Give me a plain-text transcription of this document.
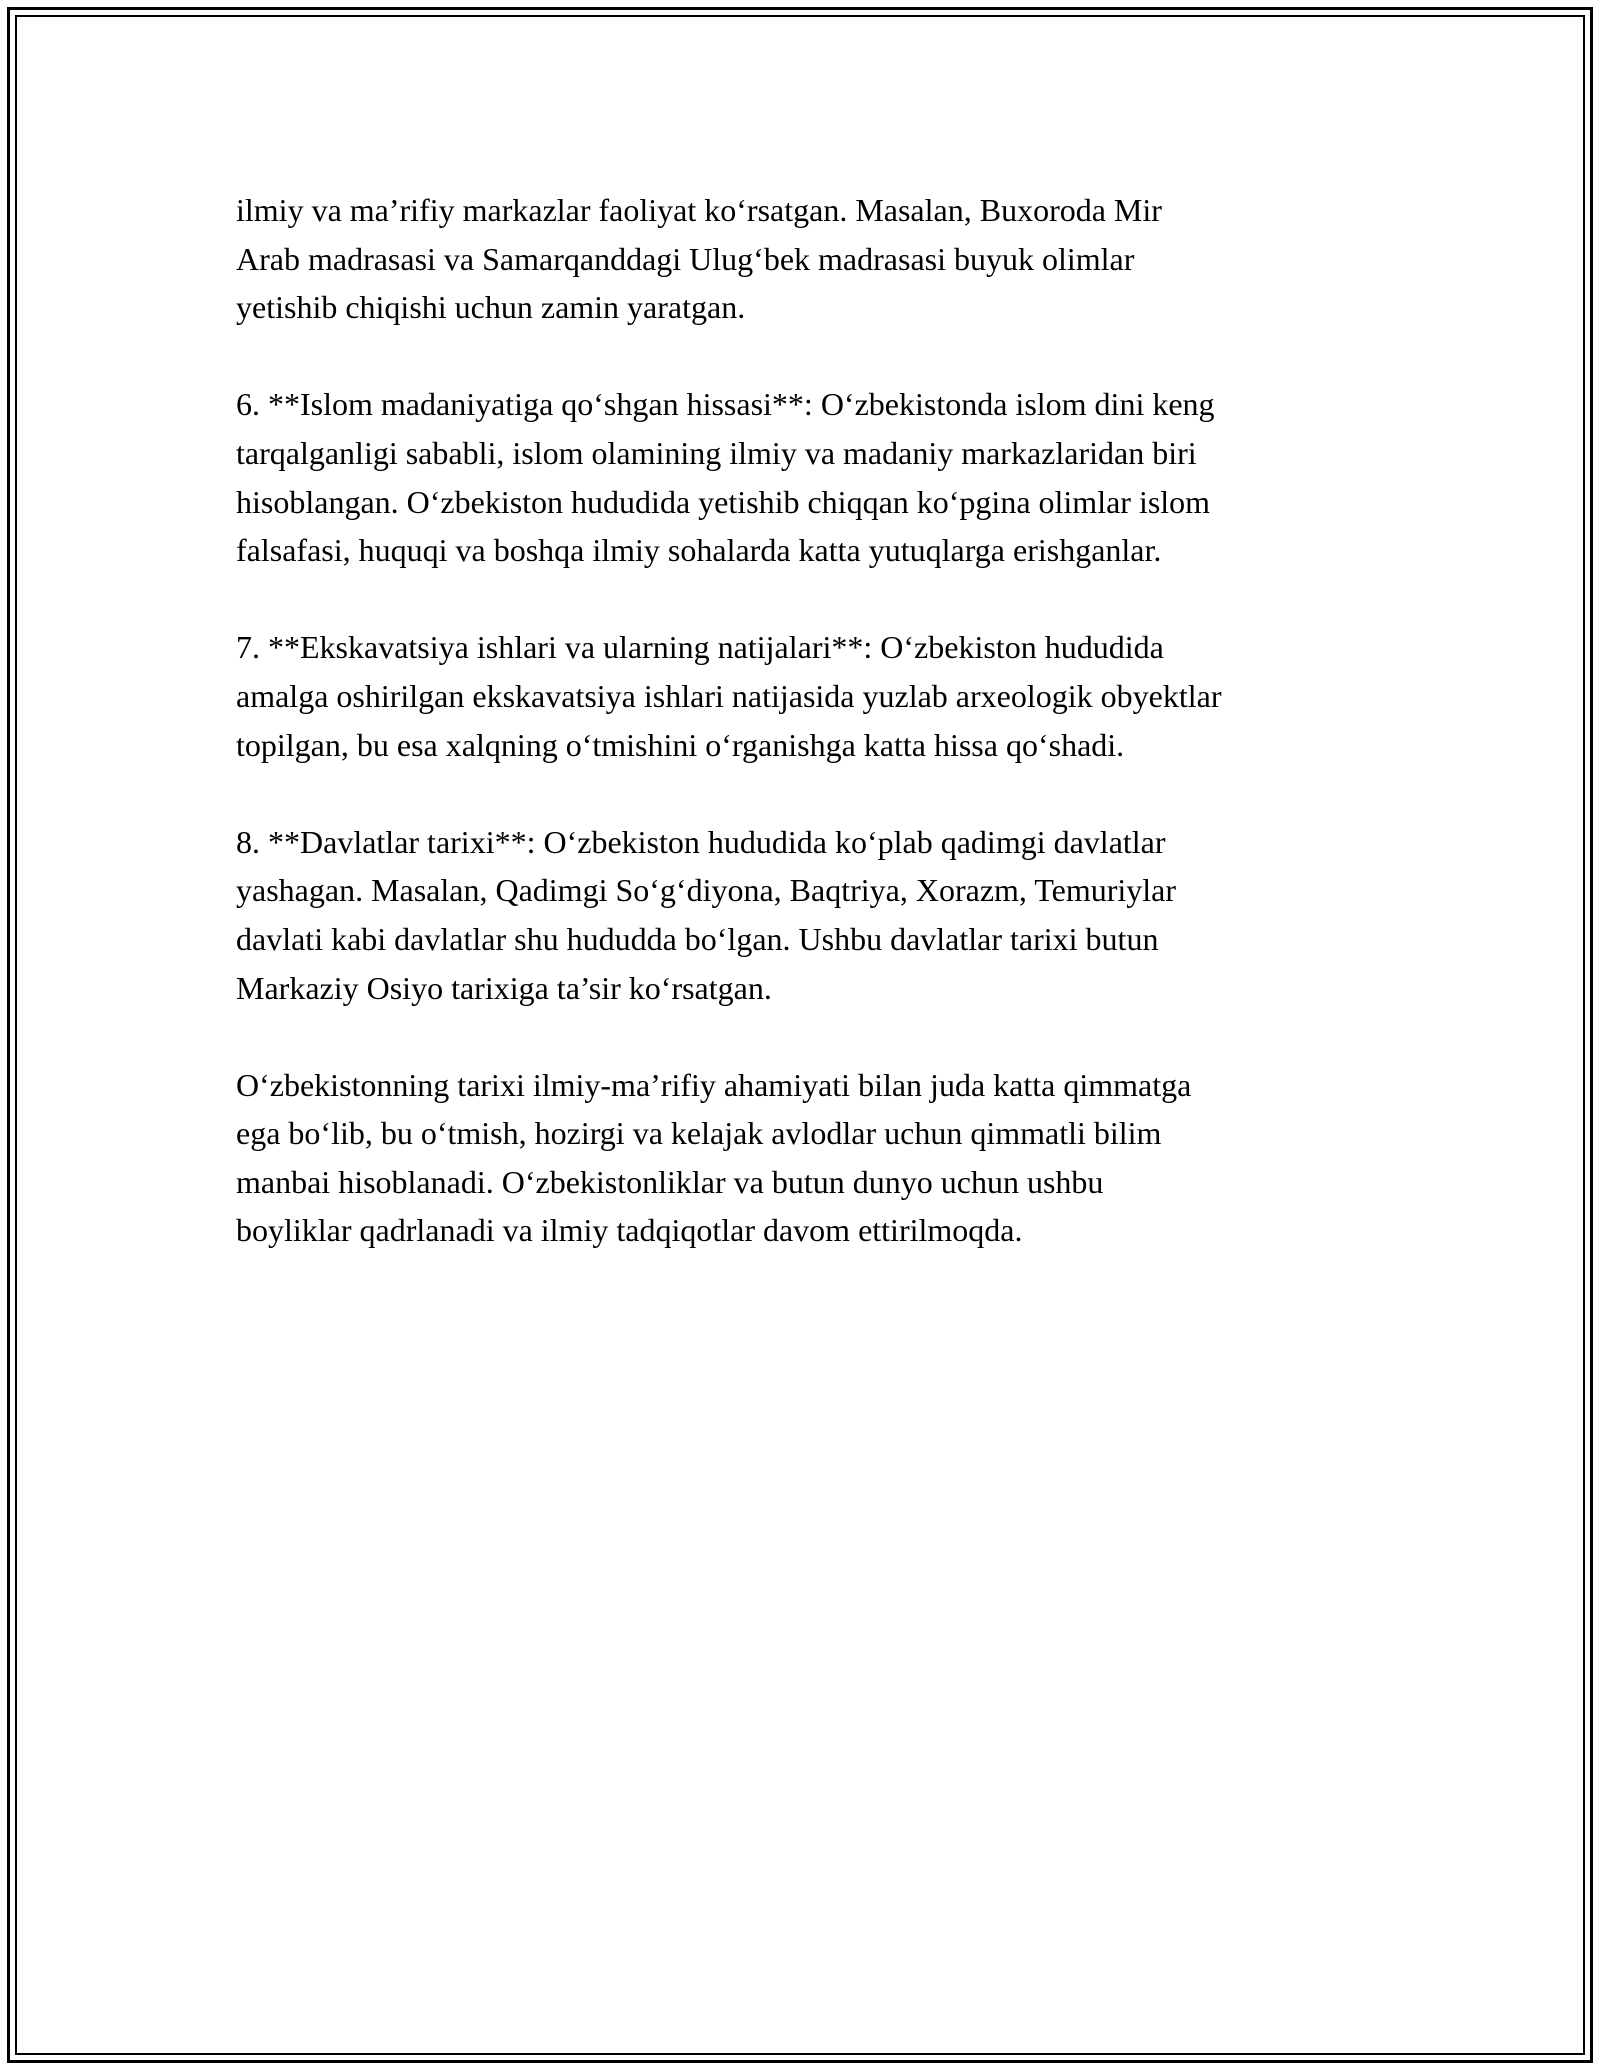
ilmiy va ma’rifiy markazlar faoliyat ko‘rsatgan. Masalan, Buxoroda Mir
Arab madrasasi va Samarqanddagi Ulug‘bek madrasasi buyuk olimlar
yetishib chiqishi uchun zamin yaratgan.

6. **Islom madaniyatiga qo‘shgan hissasi**: O‘zbekistonda islom dini keng
tarqalganligi sababli, islom olamining ilmiy va madaniy markazlaridan biri
hisoblangan. O‘zbekiston hududida yetishib chiqqan ko‘pgina olimlar islom
falsafasi, huquqi va boshqa ilmiy sohalarda katta yutuqlarga erishganlar.

7. **Ekskavatsiya ishlari va ularning natijalari**: O‘zbekiston hududida
amalga oshirilgan ekskavatsiya ishlari natijasida yuzlab arxeologik obyektlar
topilgan, bu esa xalqning o‘tmishini o‘rganishga katta hissa qo‘shadi.

8. **Davlatlar tarixi**: O‘zbekiston hududida ko‘plab qadimgi davlatlar
yashagan. Masalan, Qadimgi So‘g‘diyona, Baqtriya, Xorazm, Temuriylar
davlati kabi davlatlar shu hududda bo‘lgan. Ushbu davlatlar tarixi butun
Markaziy Osiyo tarixiga ta’sir ko‘rsatgan.

O‘zbekistonning tarixi ilmiy-ma’rifiy ahamiyati bilan juda katta qimmatga
ega bo‘lib, bu o‘tmish, hozirgi va kelajak avlodlar uchun qimmatli bilim
manbai hisoblanadi. O‘zbekistonliklar va butun dunyo uchun ushbu
boyliklar qadrlanadi va ilmiy tadqiqotlar davom ettirilmoqda.
